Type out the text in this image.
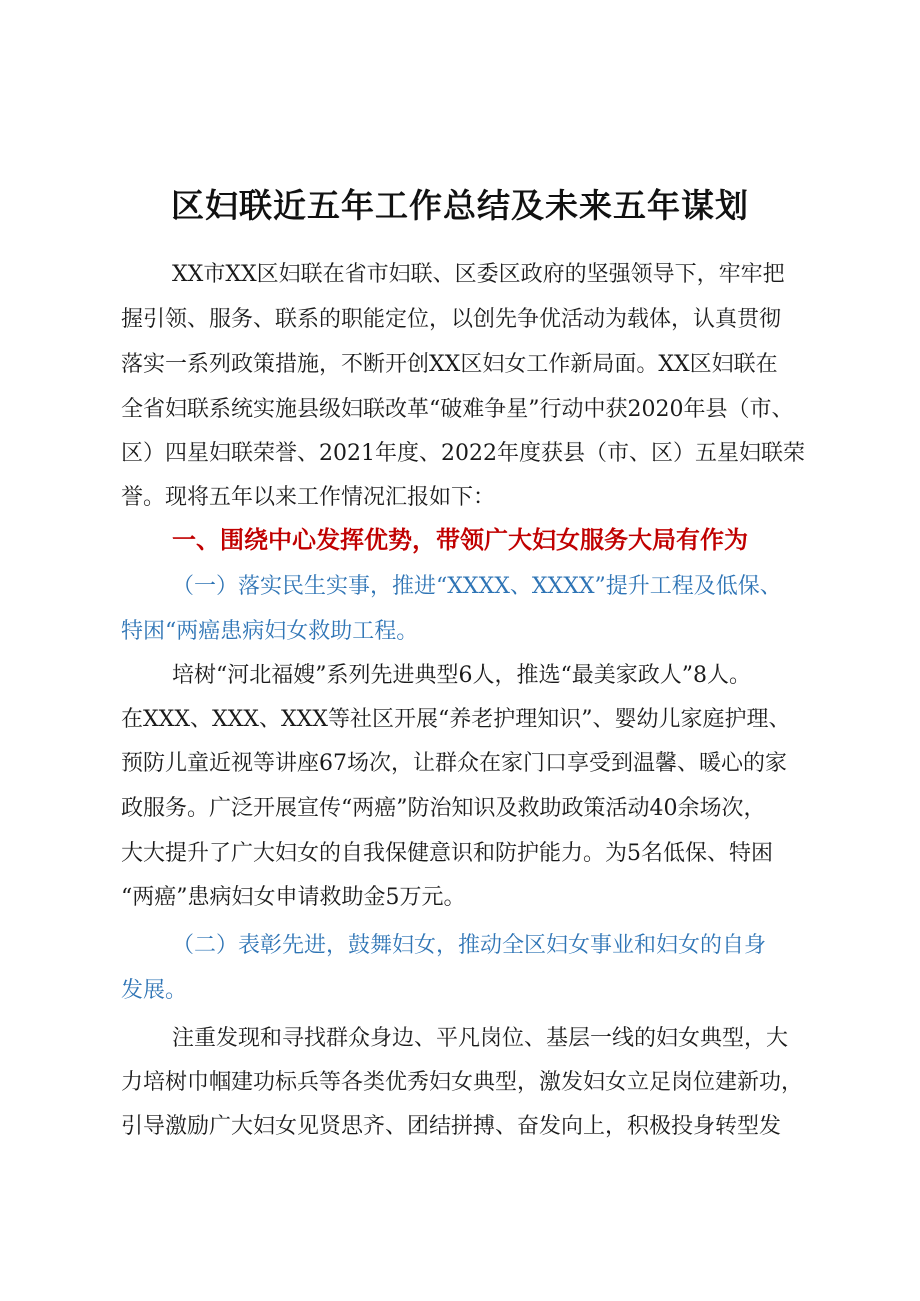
区妇联近五年工作总结及未来五年谋划

XX市XX区妇联在省市妇联、区委区政府的坚强领导下，牢牢把

握引领、服务、联系的职能定位，以创先争优活动为载体，认真贯彻

落实一系列政策措施，不断开创XX区妇女工作新局面。XX区妇联在

全省妇联系统实施县级妇联改革“破难争星”行动中获2020年县（市、

区）四星妇联荣誉、2021年度、2022年度获县（市、区）五星妇联荣

誉。现将五年以来工作情况汇报如下：

一、围绕中心发挥优势，带领广大妇女服务大局有作为

（一）落实民生实事，推进“XXXX、XXXX”提升工程及低保、

特困“两癌患病妇女救助工程。

培树“河北福嫂”系列先进典型6人，推选“最美家政人”8人。

在XXX、XXX、XXX等社区开展“养老护理知识”、婴幼儿家庭护理、

预防儿童近视等讲座67场次，让群众在家门口享受到温馨、暖心的家

政服务。广泛开展宣传“两癌”防治知识及救助政策活动40余场次，

大大提升了广大妇女的自我保健意识和防护能力。为5名低保、特困

“两癌”患病妇女申请救助金5万元。

（二）表彰先进，鼓舞妇女，推动全区妇女事业和妇女的自身

发展。

注重发现和寻找群众身边、平凡岗位、基层一线的妇女典型，大

力培树巾帼建功标兵等各类优秀妇女典型，激发妇女立足岗位建新功，

引导激励广大妇女见贤思齐、团结拼搏、奋发向上，积极投身转型发
